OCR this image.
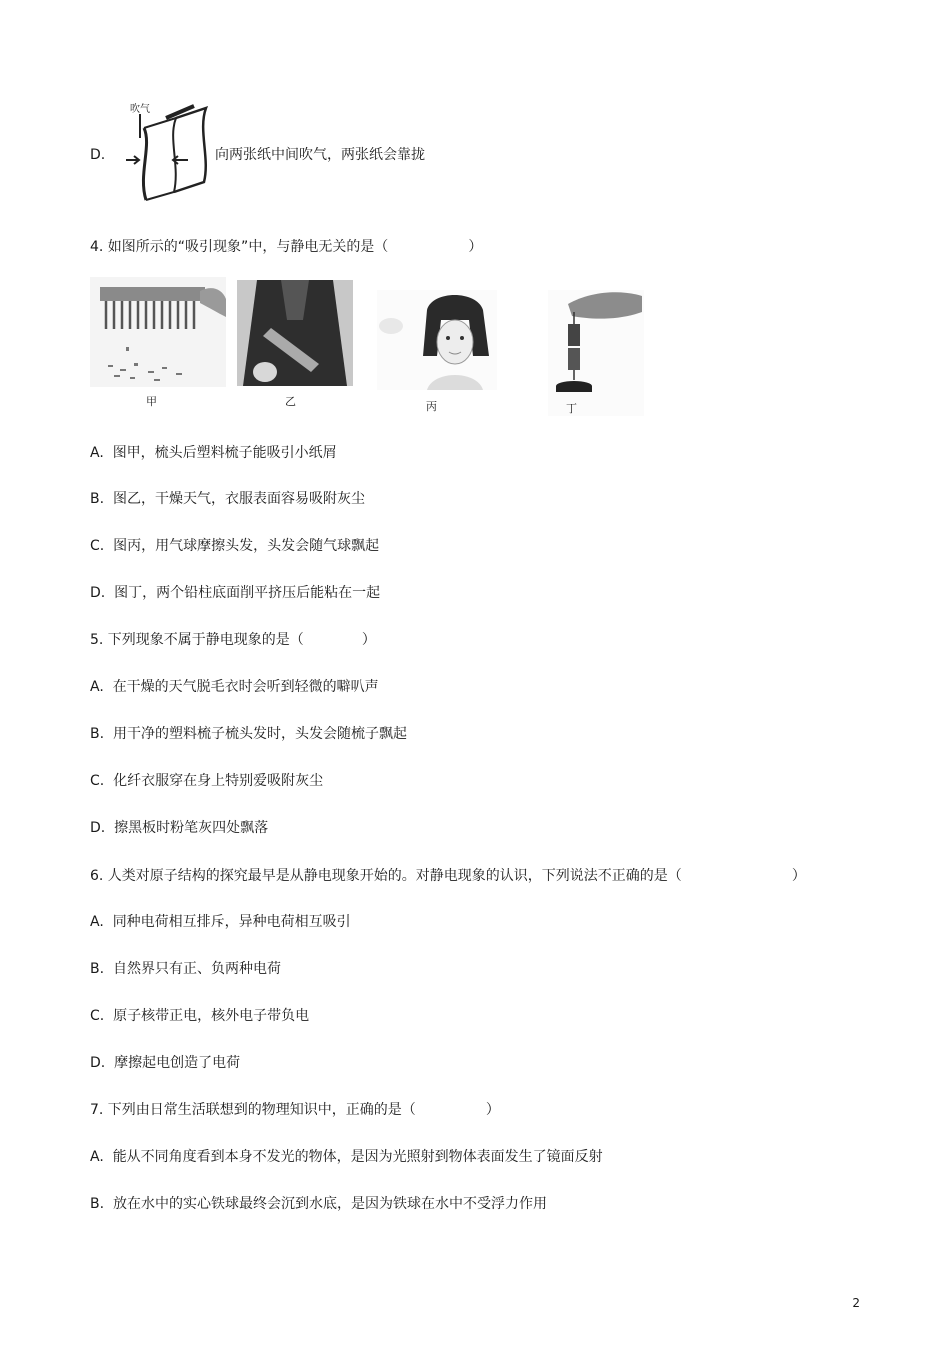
D.
吹气
向两张纸中间吹气，两张纸会靠拢
4. 如图所示的“吸引现象”中，与静电无关的是（	）
甲	乙	丙	丁
A. 图甲，梳头后塑料梳子能吸引小纸屑
B. 图乙，干燥天气，衣服表面容易吸附灰尘
C. 图丙，用气球摩擦头发，头发会随气球飘起
D. 图丁，两个铅柱底面削平挤压后能粘在一起
5. 下列现象不属于静电现象的是（	）
A. 在干燥的天气脱毛衣时会听到轻微的噼叭声
B. 用干净的塑料梳子梳头发时，头发会随梳子飘起
C. 化纤衣服穿在身上特别爱吸附灰尘
D. 擦黑板时粉笔灰四处飘落
6. 人类对原子结构的探究最早是从静电现象开始的。对静电现象的认识，下列说法不正确的是（	）
A. 同种电荷相互排斥，异种电荷相互吸引
B. 自然界只有正、负两种电荷
C. 原子核带正电，核外电子带负电
D. 摩擦起电创造了电荷
7. 下列由日常生活联想到的物理知识中，正确的是（	）
A. 能从不同角度看到本身不发光的物体，是因为光照射到物体表面发生了镜面反射
B. 放在水中的实心铁球最终会沉到水底，是因为铁球在水中不受浮力作用
2
